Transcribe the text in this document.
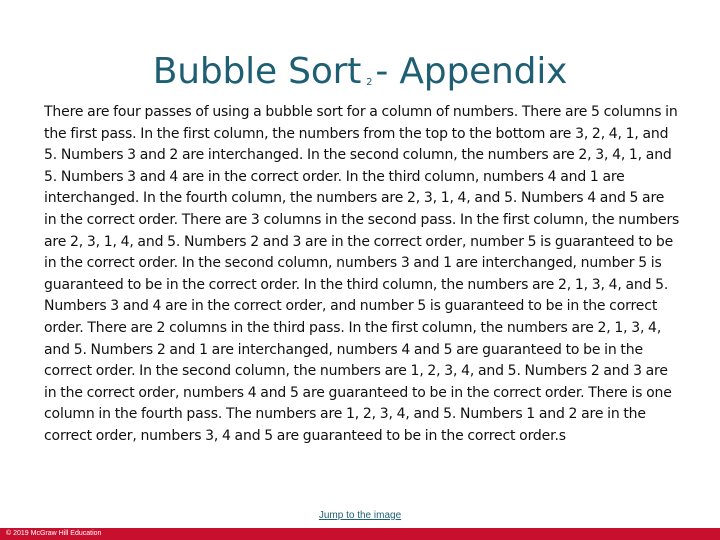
Bubble Sort $_2$- Appendix

There are four passes of using a bubble sort for a column of numbers. There are 5 columns in the first pass. In the first column, the numbers from the top to the bottom are 3, 2, 4, 1, and 5. Numbers 3 and 2 are interchanged. In the second column, the numbers are 2, 3, 4, 1, and 5. Numbers 3 and 4 are in the correct order. In the third column, numbers 4 and 1 are interchanged. In the fourth column, the numbers are 2, 3, 1, 4, and 5. Numbers 4 and 5 are in the correct order. There are 3 columns in the second pass. In the first column, the numbers are 2, 3, 1, 4, and 5. Numbers 2 and 3 are in the correct order, number 5 is guaranteed to be in the correct order. In the second column, numbers 3 and 1 are interchanged, number 5 is guaranteed to be in the correct order. In the third column, the numbers are 2, 1, 3, 4, and 5. Numbers 3 and 4 are in the correct order, and number 5 is guaranteed to be in the correct order. There are 2 columns in the third pass. In the first column, the numbers are 2, 1, 3, 4, and 5. Numbers 2 and 1 are interchanged, numbers 4 and 5 are guaranteed to be in the correct order. In the second column, the numbers are 1, 2, 3, 4, and 5. Numbers 2 and 3 are in the correct order, numbers 4 and 5 are guaranteed to be in the correct order. There is one column in the fourth pass. The numbers are 1, 2, 3, 4, and 5. Numbers 1 and 2 are in the correct order, numbers 3, 4 and 5 are guaranteed to be in the correct order.s

Jump to the image
© 2019 McGraw Hill Education
